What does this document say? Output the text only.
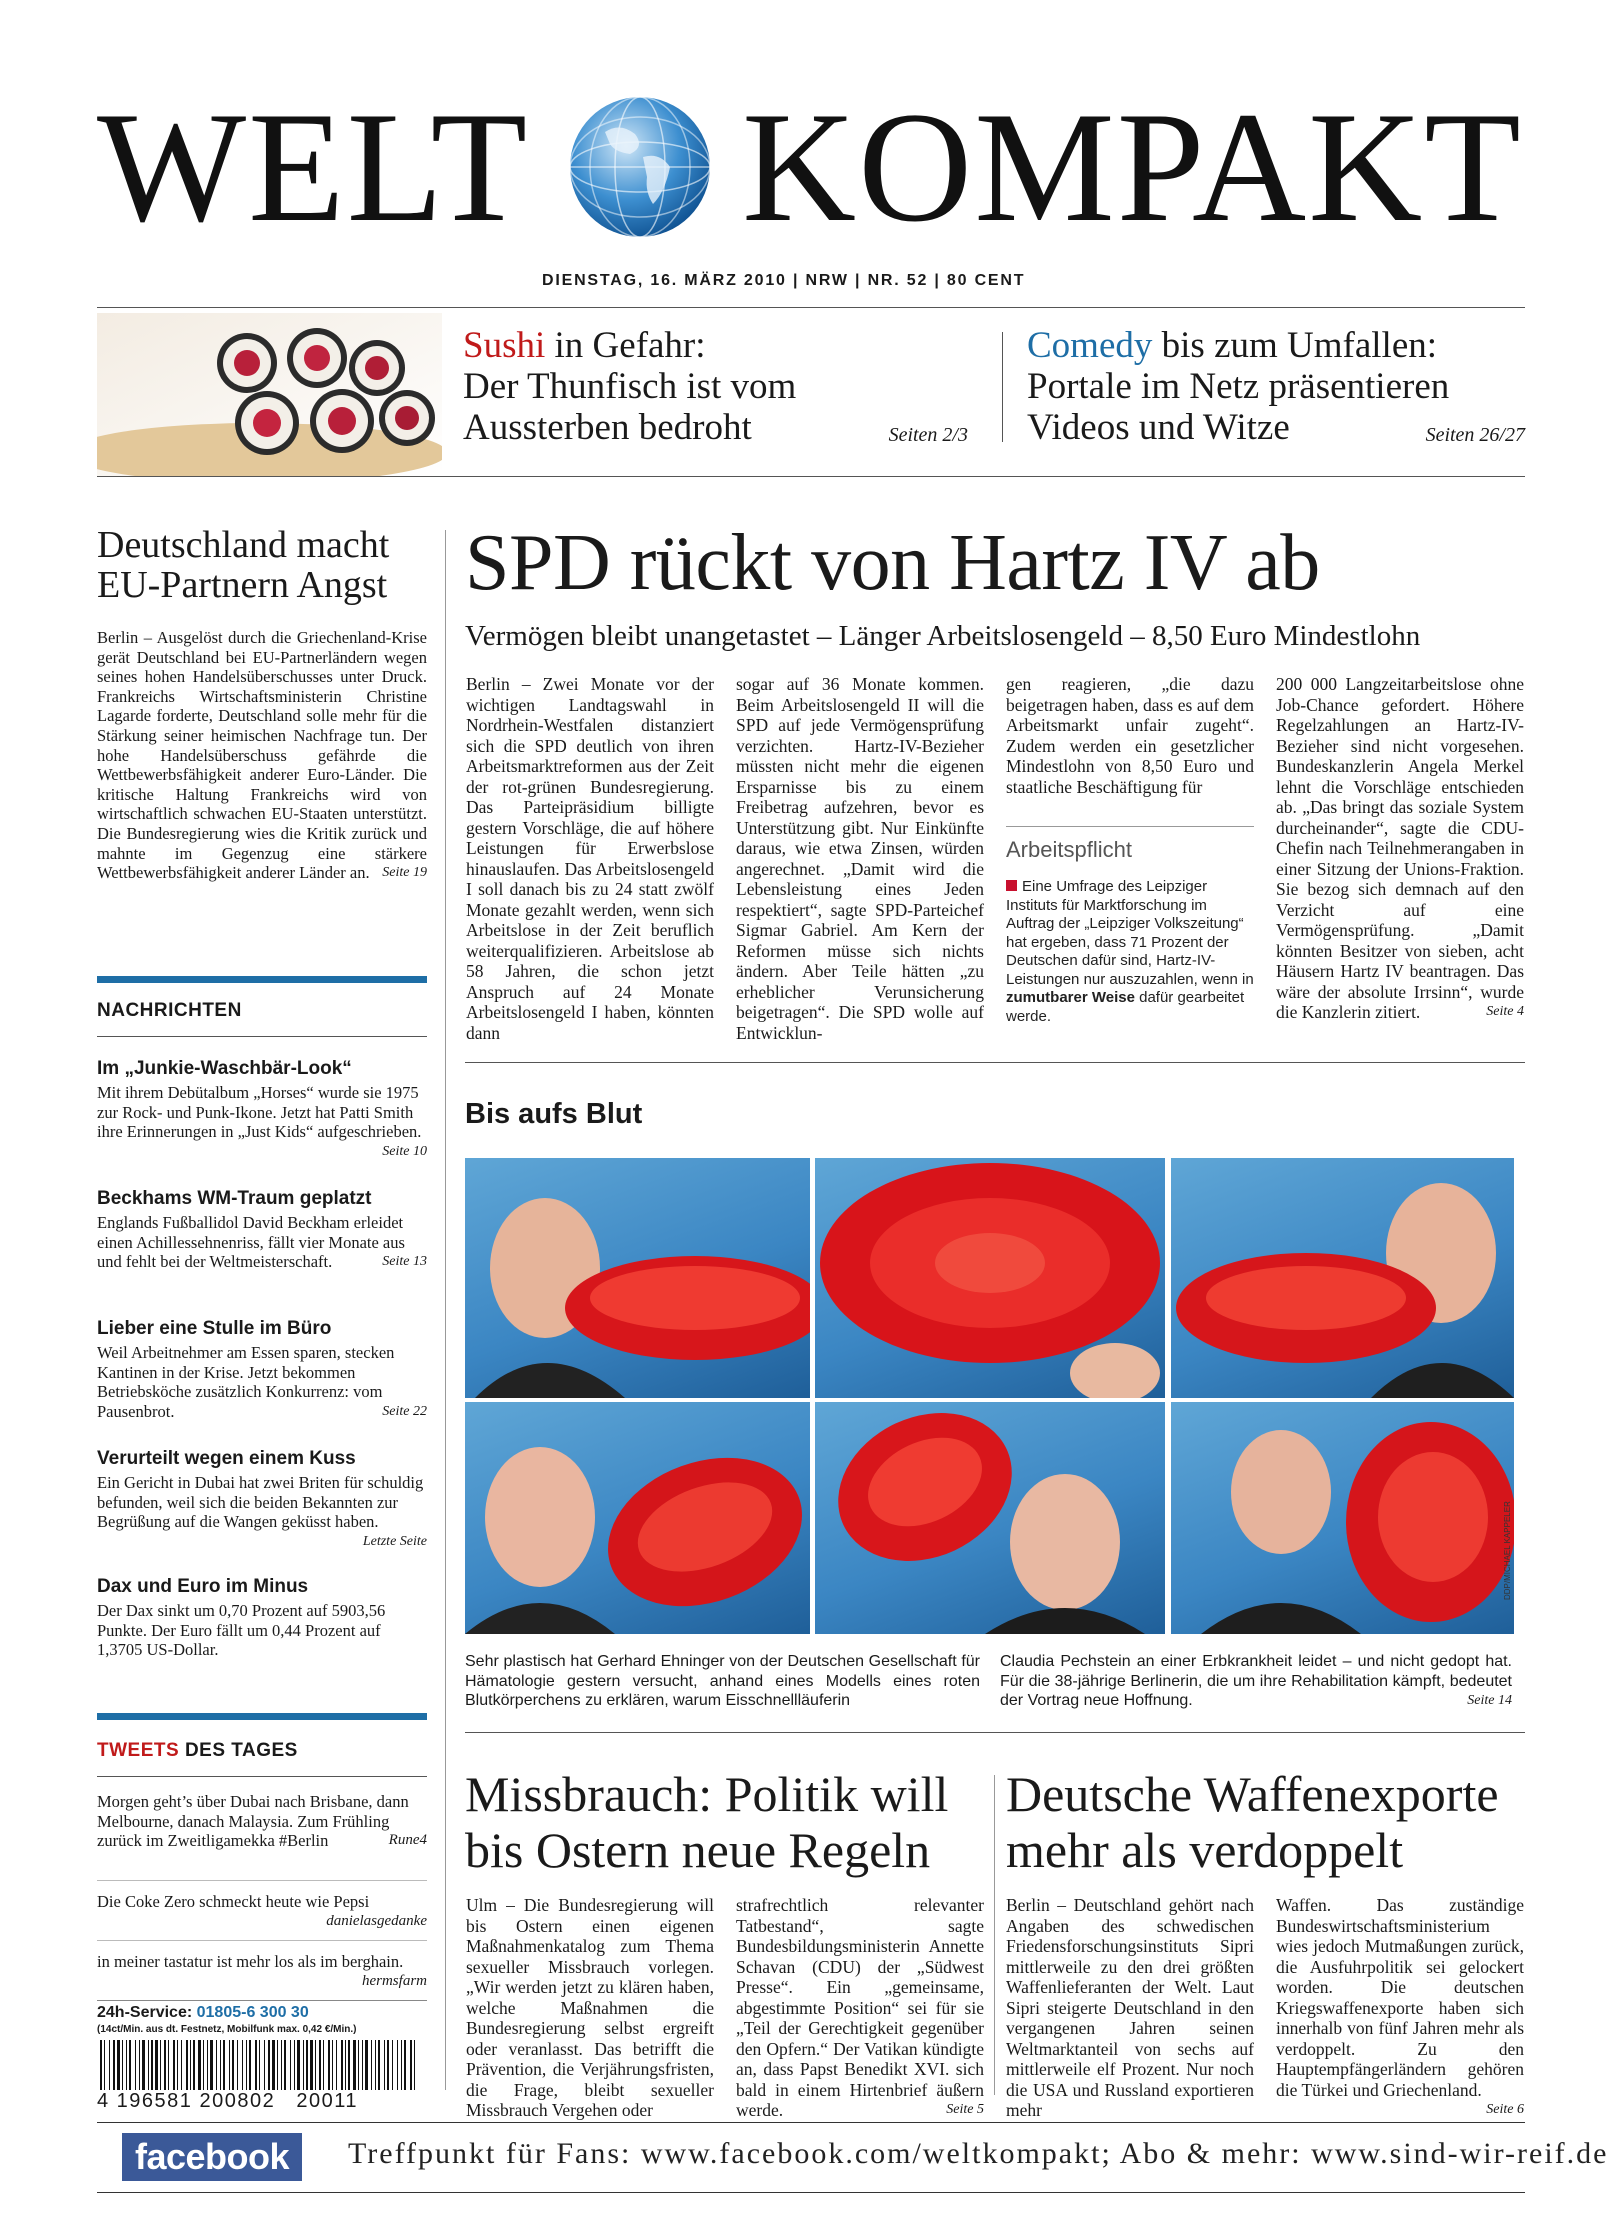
WELT KOMPAKT
DIENSTAG, 16. MÄRZ 2010 | NRW | NR. 52 | 80 CENT
Sushi in Gefahr:
Der Thunfisch ist vom
Aussterben bedroht	Seiten 2/3
Comedy bis zum Umfallen:
Portale im Netz präsentieren
Videos und Witze	Seiten 26/27
Deutschland macht
EU-Partnern Angst
Berlin – Ausgelöst durch die Griechenland-Krise gerät Deutschland bei EU-Partnerländern wegen seines hohen Handelsüberschusses unter Druck. Frankreichs Wirtschaftsministerin Christine Lagarde forderte, Deutschland solle mehr für die Stärkung seiner heimischen Nachfrage tun. Der hohe Handelsüberschuss gefährde die Wettbewerbsfähigkeit anderer Euro-Länder. Die kritische Haltung Frankreichs wird von wirtschaftlich schwachen EU-Staaten unterstützt. Die Bundesregierung wies die Kritik zurück und mahnte im Gegenzug eine stärkere Wettbewerbsfähigkeit anderer Länder an. Seite 19
NACHRICHTEN
Im „Junkie-Waschbär-Look“

Mit ihrem Debütalbum „Horses“ wurde sie 1975 zur Rock- und Punk-Ikone. Jetzt hat Patti Smith ihre Erinnerungen in „Just Kids“ aufgeschrieben.
Seite 10

Beckhams WM-Traum geplatzt

Englands Fußballidol David Beckham erleidet einen Achillessehnenriss, fällt vier Monate aus und fehlt bei der Weltmeisterschaft.	Seite 13

Lieber eine Stulle im Büro

Weil Arbeitnehmer am Essen sparen, stecken Kantinen in der Krise. Jetzt bekommen Betriebsköche zusätzlich Konkurrenz: vom Pausenbrot.	Seite 22

Verurteilt wegen einem Kuss

Ein Gericht in Dubai hat zwei Briten für schuldig befunden, weil sich die beiden Bekannten zur Begrüßung auf die Wangen geküsst haben.
Letzte Seite

Dax und Euro im Minus

Der Dax sinkt um 0,70 Prozent auf 5903,56 Punkte. Der Euro fällt um 0,44 Prozent auf 1,3705 US-Dollar.

TWEETS DES TAGES
Morgen geht’s über Dubai nach Brisbane, dann Melbourne, danach Malaysia. Zum Frühling zurück im Zweitligamekka #Berlin	Rune4
Die Coke Zero schmeckt heute wie Pepsi
danielasgedanke
in meiner tastatur ist mehr los als im berghain.
hermsfarm
24h-Service: 01805-6 300 30
(14ct/Min. aus dt. Festnetz, Mobilfunk max. 0,42 €/Min.)
4 196581 200802   20011
SPD rückt von Hartz IV ab
Vermögen bleibt unangetastet – Länger Arbeitslosengeld – 8,50 Euro Mindestlohn
Berlin – Zwei Monate vor der wichtigen Landtagswahl in Nordrhein-Westfalen distanziert sich die SPD deutlich von ihren Arbeitsmarktreformen aus der Zeit der rot-grünen Bundesregierung. Das Parteipräsidium billigte gestern Vorschläge, die auf höhere Leistungen für Erwerbslose hinauslaufen. Das Arbeitslosengeld I soll danach bis zu 24 statt zwölf Monate gezahlt werden, wenn sich Arbeitslose in der Zeit beruflich weiterqualifizieren. Arbeitslose ab 58 Jahren, die schon jetzt Anspruch auf 24 Monate Arbeitslosengeld I haben, könnten dann
sogar auf 36 Monate kommen. Beim Arbeitslosengeld II will die SPD auf jede Vermögensprüfung verzichten. Hartz-IV-Bezieher müssten nicht mehr die eigenen Ersparnisse bis zu einem Freibetrag aufzehren, bevor es Unterstützung gibt. Nur Einkünfte daraus, wie etwa Zinsen, würden angerechnet. „Damit wird die Lebensleistung eines Jeden respektiert“, sagte SPD-Parteichef Sigmar Gabriel. Am Kern der Reformen müsse sich nichts ändern. Aber Teile hätten „zu erheblicher Verunsicherung beigetragen“. Die SPD wolle auf Entwicklun-
gen reagieren, „die dazu beigetragen haben, dass es auf dem Arbeitsmarkt unfair zugeht“. Zudem werden ein gesetzlicher Mindestlohn von 8,50 Euro und staatliche Beschäftigung für
Arbeitspflicht
Eine Umfrage des Leipziger Instituts für Marktforschung im Auftrag der „Leipziger Volkszeitung“ hat ergeben, dass 71 Prozent der Deutschen dafür sind, Hartz-IV-Leistungen nur auszuzahlen, wenn in zumutbarer Weise dafür gearbeitet werde.
200 000 Langzeitarbeitslose ohne Job-Chance gefordert. Höhere Regelzahlungen an Hartz-IV-Bezieher sind nicht vorgesehen. Bundeskanzlerin Angela Merkel lehnt die Vorschläge entschieden ab. „Das bringt das soziale System durcheinander“, sagte die CDU-Chefin nach Teilnehmerangaben in einer Sitzung der Unions-Fraktion. Sie bezog sich demnach auf den Verzicht auf eine Vermögensprüfung. „Damit könnten Besitzer von sieben, acht Häusern Hartz IV beantragen. Das wäre der absolute Irrsinn“, wurde die Kanzlerin zitiert.	Seite 4
Bis aufs Blut
DDP/MICHAEL KAPPELER
Sehr plastisch hat Gerhard Ehninger von der Deutschen Gesellschaft für Hämatologie gestern versucht, anhand eines Modells eines roten Blutkörperchens zu erklären, warum Eisschnellläuferin
Claudia Pechstein an einer Erbkrankheit leidet – und nicht gedopt hat. Für die 38-jährige Berlinerin, die um ihre Rehabilitation kämpft, bedeutet der Vortrag neue Hoffnung.	Seite 14
Missbrauch: Politik will
bis Ostern neue Regeln
Ulm – Die Bundesregierung will bis Ostern einen eigenen Maßnahmenkatalog zum Thema sexueller Missbrauch vorlegen. „Wir werden jetzt zu klären haben, welche Maßnahmen die Bundesregierung selbst ergreift oder veranlasst. Das betrifft die Prävention, die Verjährungsfristen, die Frage, bleibt sexueller Missbrauch Vergehen oder
strafrechtlich relevanter Tatbestand“, sagte Bundesbildungsministerin Annette Schavan (CDU) der „Südwest Presse“. Ein „gemeinsame, abgestimmte Position“ sei für sie „Teil der Gerechtigkeit gegenüber den Opfern.“ Der Vatikan kündigte an, dass Papst Benedikt XVI. sich bald in einem Hirtenbrief äußern werde.	Seite 5
Deutsche Waffenexporte
mehr als verdoppelt
Berlin – Deutschland gehört nach Angaben des schwedischen Friedensforschungsinstituts Sipri mittlerweile zu den drei größten Waffenlieferanten der Welt. Laut Sipri steigerte Deutschland in den vergangenen Jahren seinen Weltmarktanteil von sechs auf mittlerweile elf Prozent. Nur noch die USA und Russland exportieren mehr
Waffen. Das zuständige Bundeswirtschaftsministerium wies jedoch Mutmaßungen zurück, die Ausfuhrpolitik sei gelockert worden. Die deutschen Kriegswaffenexporte haben sich innerhalb von fünf Jahren mehr als verdoppelt. Zu den Hauptempfängerländern gehören die Türkei und Griechenland.
Seite 6
facebook	Treffpunkt für Fans: www.facebook.com/weltkompakt; Abo & mehr: www.sind-wir-reif.de
